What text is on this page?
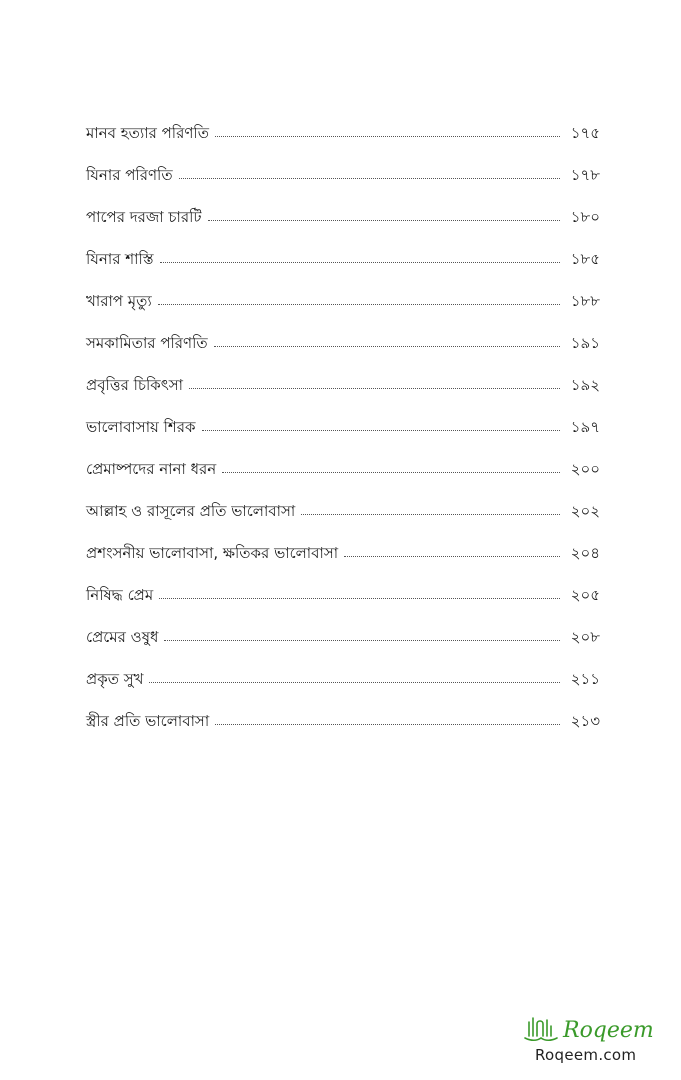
মানব হত্যার পরিণতি	১৭৫
যিনার পরিণতি	১৭৮
পাপের দরজা চারটি	১৮০
যিনার শাস্তি	১৮৫
খারাপ মৃত্যু	১৮৮
সমকামিতার পরিণতি	১৯১
প্রবৃত্তির চিকিৎসা	১৯২
ভালোবাসায় শিরক	১৯৭
প্রেমাষ্পদের নানা ধরন	২০০
আল্লাহ ও রাসূলের প্রতি ভালোবাসা	২০২
প্রশংসনীয় ভালোবাসা, ক্ষতিকর ভালোবাসা	২০৪
নিষিদ্ধ প্রেম	২০৫
প্রেমের ওষুধ	২০৮
প্রকৃত সুখ	২১১
স্ত্রীর প্রতি ভালোবাসা	২১৩
Roqeem
Roqeem.com
